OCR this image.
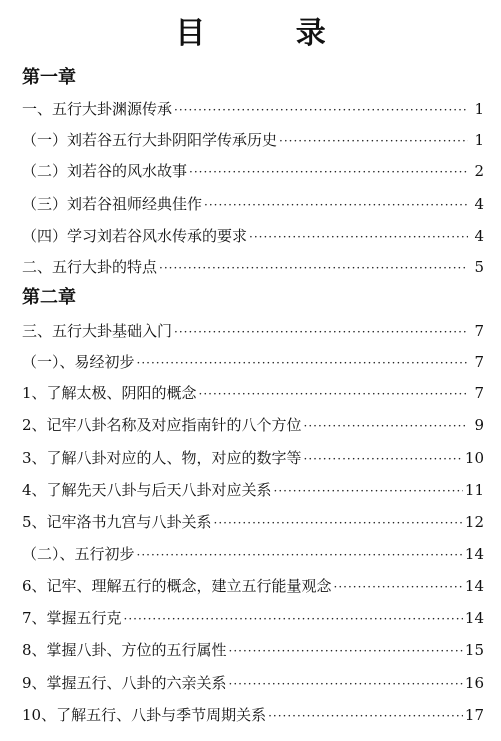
目 录
第一章
一、五行大卦渊源传承 ·····	1
（一）刘若谷五行大卦阴阳学传承历史 ·····	1
（二）刘若谷的风水故事 ·····	2
（三）刘若谷祖师经典佳作 ·····	4
（四）学习刘若谷风水传承的要求 ·····	4
二、五行大卦的特点 ·····	5
第二章
三、五行大卦基础入门 ·····	7
（一）、易经初步 ·····	7
1、了解太极、阴阳的概念 ·····	7
2、记牢八卦名称及对应指南针的八个方位 ·····	9
3、了解八卦对应的人、物，对应的数字等 ·····	10
4、了解先天八卦与后天八卦对应关系 ·····	11
5、记牢洛书九宫与八卦关系 ·····	12
（二）、五行初步 ·····	14
6、记牢、理解五行的概念，建立五行能量观念 ·····	14
7、掌握五行克 ·····	14
8、掌握八卦、方位的五行属性 ·····	15
9、掌握五行、八卦的六亲关系 ·····	16
10、了解五行、八卦与季节周期关系 ·····	17
